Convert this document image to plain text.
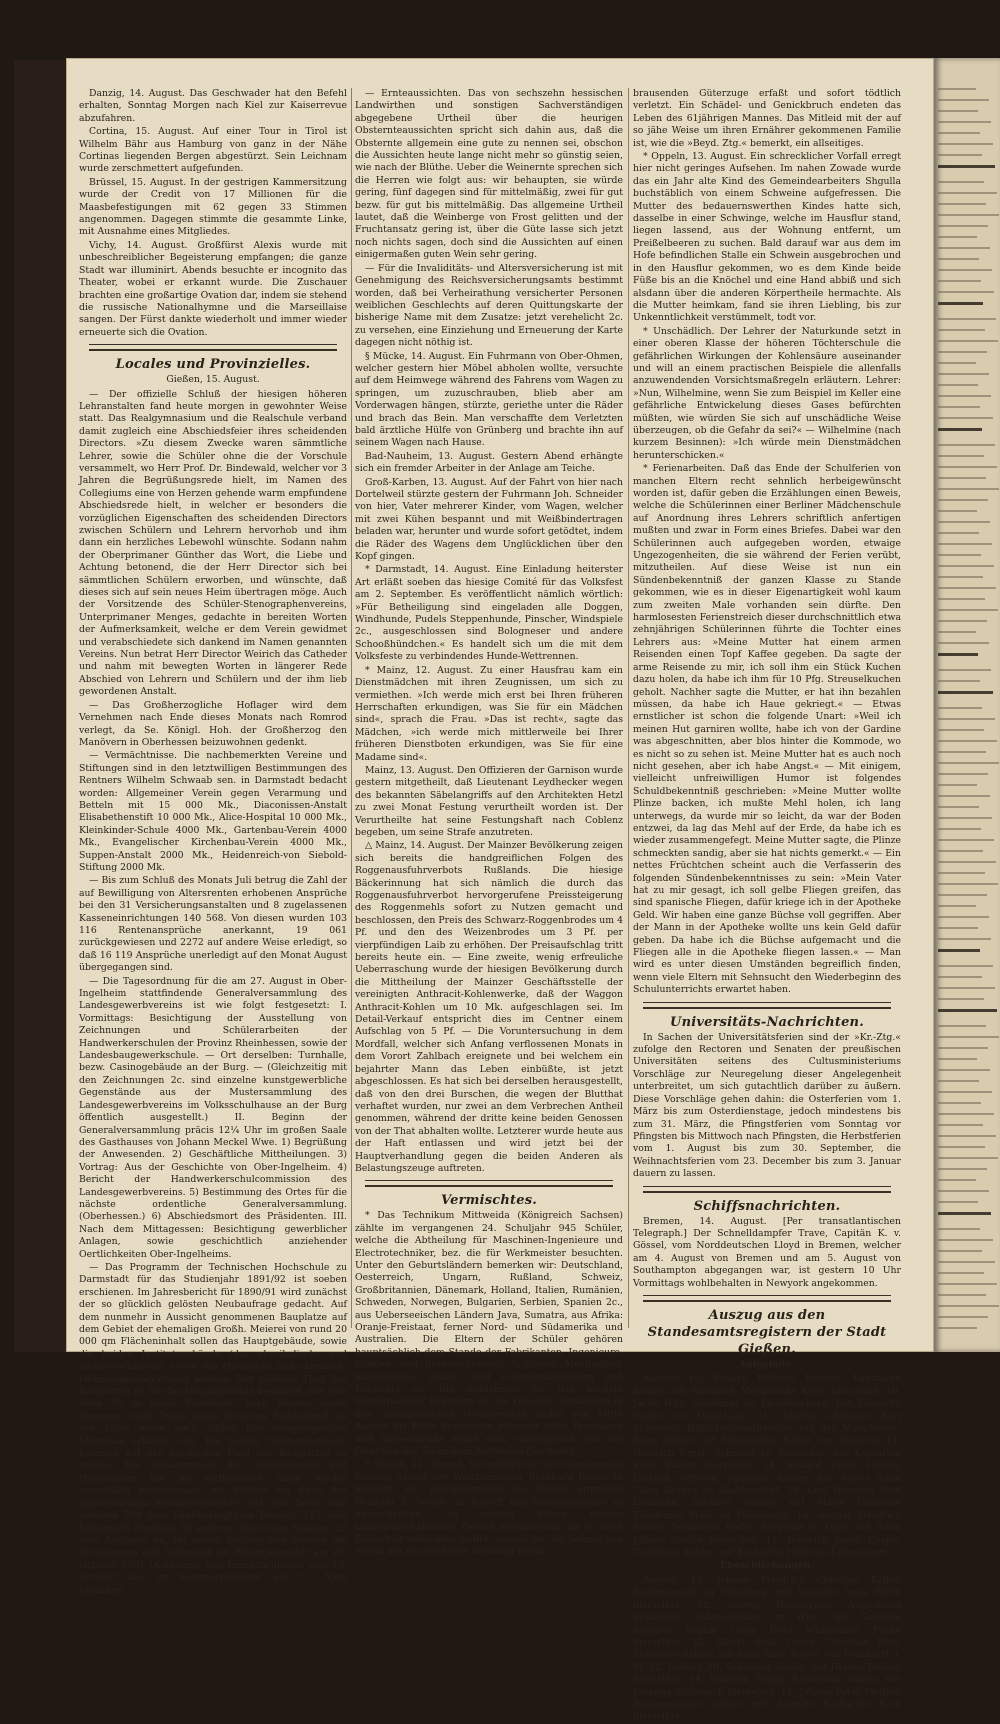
Danzig, 14. August. Das Geschwader hat den Befehl erhalten, Sonntag Morgen nach Kiel zur Kaiserrevue abzufahren.

Cortina, 15. August. Auf einer Tour in Tirol ist Wilhelm Bähr aus Hamburg von ganz in der Nähe Cortinas liegenden Bergen abgestürzt. Sein Leichnam wurde zerschmettert aufgefunden.

Brüssel, 15. August. In der gestrigen Kammersitzung wurde der Credit von 17 Millionen für die Maasbefestigungen mit 62 gegen 33 Stimmen angenommen. Dagegen stimmte die gesammte Linke, mit Ausnahme eines Mitgliedes.

Vichy, 14. August. Großfürst Alexis wurde mit unbeschreiblicher Begeisterung empfangen; die ganze Stadt war illuminirt. Abends besuchte er incognito das Theater, wobei er erkannt wurde. Die Zuschauer brachten eine großartige Ovation dar, indem sie stehend die russische Nationalhymne und die Marseillaise sangen. Der Fürst dankte wiederholt und immer wieder erneuerte sich die Ovation.

Locales und Provinzielles.
Gießen, 15. August.

— Der offizielle Schluß der hiesigen höheren Lehranstalten fand heute morgen in gewohnter Weise statt. Das Realgymnasium und die Realschule verband damit zugleich eine Abschiedsfeier ihres scheidenden Directors. »Zu diesem Zwecke waren sämmtliche Lehrer, sowie die Schüler ohne die der Vorschule versammelt, wo Herr Prof. Dr. Bindewald, welcher vor 3 Jahren die Begrüßungsrede hielt, im Namen des Collegiums eine von Herzen gehende warm empfundene Abschiedsrede hielt, in welcher er besonders die vorzüglichen Eigenschaften des scheidenden Directors zwischen Schülern und Lehrern hervorhob und ihm dann ein herzliches Lebewohl wünschte. Sodann nahm der Oberprimaner Günther das Wort, die Liebe und Achtung betonend, die der Herr Director sich bei sämmtlichen Schülern erworben, und wünschte, daß dieses sich auf sein neues Heim übertragen möge. Auch der Vorsitzende des Schüler-Stenographenvereins, Unterprimaner Menges, gedachte in bereiten Worten der Aufmerksamkeit, welche er dem Verein gewidmet und verabschiedete sich dankend im Namen genannten Vereins. Nun betrat Herr Director Weirich das Catheder und nahm mit bewegten Worten in längerer Rede Abschied von Lehrern und Schülern und der ihm lieb gewordenen Anstalt.

— Das Großherzogliche Hoflager wird dem Vernehmen nach Ende dieses Monats nach Romrod verlegt, da Se. Königl. Hoh. der Großherzog den Manövern in Oberhessen beizuwohnen gedenkt.

— Vermächtnisse. Die nachbemerkten Vereine und Stiftungen sind in den letztwilligen Bestimmungen des Rentners Wilhelm Schwaab sen. in Darmstadt bedacht worden: Allgemeiner Verein gegen Verarmung und Betteln mit 15 000 Mk., Diaconissen-Anstalt Elisabethenstift 10 000 Mk., Alice-Hospital 10 000 Mk., Kleinkinder-Schule 4000 Mk., Gartenbau-Verein 4000 Mk., Evangelischer Kirchenbau-Verein 4000 Mk., Suppen-Anstalt 2000 Mk., Heidenreich-von Siebold-Stiftung 2000 Mk.

— Bis zum Schluß des Monats Juli betrug die Zahl der auf Bewilligung von Altersrenten erhobenen Ansprüche bei den 31 Versicherungsanstalten und 8 zugelassenen Kasseneinrichtungen 140 568. Von diesen wurden 103 116 Rentenansprüche anerkannt, 19 061 zurückgewiesen und 2272 auf andere Weise erledigt, so daß 16 119 Ansprüche unerledigt auf den Monat August übergegangen sind.

— Die Tagesordnung für die am 27. August in Ober-Ingelheim stattfindende Generalversammlung des Landesgewerbvereins ist wie folgt festgesetzt: I. Vormittags: Besichtigung der Ausstellung von Zeichnungen und Schülerarbeiten der Handwerkerschulen der Provinz Rheinhessen, sowie der Landesbaugewerkschule. — Ort derselben: Turnhalle, bezw. Casinogebäude an der Burg. — (Gleichzeitig mit den Zeichnungen 2c. sind einzelne kunstgewerbliche Gegenstände aus der Mustersammlung des Landesgewerbvereins im Volksschulhause an der Burg öffentlich ausgestellt.) II. Beginn der Generalversammlung präcis 12¼ Uhr im großen Saale des Gasthauses von Johann Meckel Wwe. 1) Begrüßung der Anwesenden. 2) Geschäftliche Mittheilungen. 3) Vortrag: Aus der Geschichte von Ober-Ingelheim. 4) Bericht der Handwerkerschulcommission des Landesgewerbvereins. 5) Bestimmung des Ortes für die nächste ordentliche Generalversammlung. (Oberhessen.) 6) Abschiedsmort des Präsidenten. III. Nach dem Mittagessen: Besichtigung gewerblicher Anlagen, sowie geschichtlich anziehender Oertlichkeiten Ober-Ingelheims.

— Das Programm der Technischen Hochschule zu Darmstadt für das Studienjahr 1891/92 ist soeben erschienen. Im Jahresbericht für 1890/91 wird zunächst der so glücklich gelösten Neubaufrage gedacht. Auf dem nunmehr in Aussicht genommenen Bauplatze auf dem Gebiet der ehemaligen Großh. Meierei von rund 20 000 qm Flächeninhalt sollen das Hauptgebäude, sowie die beiden Institutsgebäude (das physikalische und elektrotechnische, sowie das chemische und chemisch-technologische) erbaut werden. Der südliche Theil des Bauplatzes ist für das Hauptgebäude bestimmt, das eine etwa 90 m lange Nordfront, nach Westen einen längeren, nach Osten einen kürzeren Seitenflügel, in der Mitte einen nach Süden fast vorspringenden Mittelbau erhalten soll. Die beiden Institutsgebäude kommen auf den nördlichen Theil des Bauplatzes zu stehen. Die Gesammtzahl der Studierenden und Hospitanten hat im verflossenen Jahre wieder wesentlich zugenommen; sie beträgt am Ende des gegenwärtigen Sommersemesters 392. Von dieser Zahl gehören 204 dem Großherzogthum Hessen, 115 dem Königreich Preußen, 50 anderen deutschen Staaten, 23 dem Auslande an. Im neuen Studienjahre werden die Vorlesungen und Uebungen im Wintersemester am 20. October 1891 (Aufnahme und Immatriculation vom 19. October ab), im Sommersemester am 21. April beginnen.

— Ernteaussichten. Das von sechszehn hessischen Landwirthen und sonstigen Sachverständigen abgegebene Urtheil über die heurigen Obsternteaussichten spricht sich dahin aus, daß die Obsternte allgemein eine gute zu nennen sei, obschon die Aussichten heute lange nicht mehr so günstig seien, wie nach der Blüthe. Ueber die Weinernte sprechen sich die Herren wie folgt aus: wir behaupten, sie würde gering, fünf dagegen sind für mittelmäßig, zwei für gut bezw. für gut bis mittelmäßig. Das allgemeine Urtheil lautet, daß die Weinberge von Frost gelitten und der Fruchtansatz gering ist, über die Güte lasse sich jetzt noch nichts sagen, doch sind die Aussichten auf einen einigermaßen guten Wein sehr gering.

— Für die Invaliditäts- und Altersversicherung ist mit Genehmigung des Reichsversicherungsamts bestimmt worden, daß bei Verheirathung versicherter Personen weiblichen Geschlechts auf deren Quittungskarte der bisherige Name mit dem Zusatze: jetzt verehelicht 2c. zu versehen, eine Einziehung und Erneuerung der Karte dagegen nicht nöthig ist.

§ Mücke, 14. August. Ein Fuhrmann von Ober-Ohmen, welcher gestern hier Möbel abholen wollte, versuchte auf dem Heimwege während des Fahrens vom Wagen zu springen, um zuzuschrauben, blieb aber am Vorderwagen hängen, stürzte, geriethe unter die Räder und brach das Bein. Man verschaffte dem Verletzten bald ärztliche Hülfe von Grünberg und brachte ihn auf seinem Wagen nach Hause.

Bad-Nauheim, 13. August. Gestern Abend erhängte sich ein fremder Arbeiter in der Anlage am Teiche.

Groß-Karben, 13. August. Auf der Fahrt von hier nach Dortelweil stürzte gestern der Fuhrmann Joh. Schneider von hier, Vater mehrerer Kinder, vom Wagen, welcher mit zwei Kühen bespannt und mit Weißbindertragen beladen war, herunter und wurde sofort getödtet, indem die Räder des Wagens dem Unglücklichen über den Kopf gingen.

* Darmstadt, 14. August. Eine Einladung heiterster Art erläßt soeben das hiesige Comité für das Volksfest am 2. September. Es veröffentlicht nämlich wörtlich: »Für Betheiligung sind eingeladen alle Doggen, Windhunde, Pudels Steppenhunde, Pinscher, Windspiele 2c., ausgeschlossen sind Bologneser und andere Schooßhündchen.« Es handelt sich um die mit dem Volksfeste zu verbindendes Hunde-Wettrennen.

* Mainz, 12. August. Zu einer Hausfrau kam ein Dienstmädchen mit ihren Zeugnissen, um sich zu vermiethen. »Ich werde mich erst bei Ihren früheren Herrschaften erkundigen, was Sie für ein Mädchen sind«, sprach die Frau. »Das ist recht«, sagte das Mädchen, »ich werde mich mittlerweile bei Ihrer früheren Dienstboten erkundigen, was Sie für eine Madame sind«.

Mainz, 13. August. Den Offizieren der Garnison wurde gestern mitgetheilt, daß Lieutenant Leydhecker wegen des bekannten Säbelangriffs auf den Architekten Hetzl zu zwei Monat Festung verurtheilt worden ist. Der Verurtheilte hat seine Festungshaft nach Coblenz begeben, um seine Strafe anzutreten.

△ Mainz, 14. August. Der Mainzer Bevölkerung zeigen sich bereits die handgreiflichen Folgen des Roggenausfuhrverbots Rußlands. Die hiesige Bäckerinnung hat sich nämlich die durch das Roggenausfuhrverbot hervorgerufene Preissteigerung des Roggenmehls sofort zu Nutzen gemacht und beschlossen, den Preis des Schwarz-Roggenbrodes um 4 Pf. und den des Weizenbrodes um 3 Pf. per vierpfündigen Laib zu erhöhen. Der Preisaufschlag tritt bereits heute ein. — Eine zweite, wenig erfreuliche Ueberraschung wurde der hiesigen Bevölkerung durch die Mittheilung der Mainzer Geschäftsstelle der vereinigten Anthracit-Kohlenwerke, daß der Waggon Anthracit-Kohlen um 10 Mk. aufgeschlagen sei. Im Detail-Verkauf entspricht dies im Centner einem Aufschlag von 5 Pf. — Die Voruntersuchung in dem Mordfall, welcher sich Anfang verflossenen Monats in dem Vorort Zahlbach ereignete und bei welchem ein bejahrter Mann das Leben einbüßte, ist jetzt abgeschlossen. Es hat sich bei derselben herausgestellt, daß von den drei Burschen, die wegen der Blutthat verhaftet wurden, nur zwei an dem Verbrechen Antheil genommen, während der dritte keine beiden Genossen von der That abhalten wollte. Letzterer wurde heute aus der Haft entlassen und wird jetzt bei der Hauptverhandlung gegen die beiden Anderen als Belastungszeuge auftreten.

Vermischtes.

* Das Technikum Mittweida (Königreich Sachsen) zählte im vergangenen 24. Schuljahr 945 Schüler, welche die Abtheilung für Maschinen-Ingenieure und Electrotechniker, bez. die für Werkmeister besuchten. Unter den Geburtsländern bemerken wir: Deutschland, Oesterreich, Ungarn, Rußland, Schweiz, Großbritannien, Dänemark, Holland, Italien, Rumänien, Schweden, Norwegen, Bulgarien, Serbien, Spanien 2c., aus Ueberseeischen Ländern Java, Sumatra, aus Afrika: Oranje-Freistaat, ferner Nord- und Südamerika und Australien. Die Eltern der Schüler gehören hauptsächlich dem Stande der Fabrikanten, Ingenieure, Mühlen- und Brauereibesitzer, Schlosser, Mechaniker, Baugewerke, Staats- und Communalbeamten und Kaufleute an. Die Aufnahmen für das nächste Winterhalbjahr beginnen am 19. October. Aufnahmen in den unentgeltlichen Vorunterricht finden von Mitte August bis Ende September jederzeit statt. Programm und Jahresbericht erhält man unentgeltlich von der Direction des Technikum Mittweida (Sachsen).

* Siegen, 12. August. Verunglückt ist am vergangenen Montag Abend der Weichensteller Bernhard Bläser in Beydorf, ein pflichtgetreuer, im Dienst ergrauter Beamter. Er wurde, im Begriff, das Schienengeleise zu überschreiten, im seinem Sohne einiges landwirthschaftliches Geräth abzunehmen, da er noch Feldarbeit verrichten wollte, angesichts des Sohnes von einem aus der Gießener Richtung heran-

brausenden Güterzuge erfaßt und sofort tödtlich verletzt. Ein Schädel- und Genickbruch endeten das Leben des 61jährigen Mannes. Das Mitleid mit der auf so jähe Weise um ihren Ernährer gekommenen Familie ist, wie die »Beyd. Ztg.« bemerkt, ein allseitiges.

* Oppeln, 13. August. Ein schrecklicher Vorfall erregt hier nicht geringes Aufsehen. Im nahen Zowade wurde das ein Jahr alte Kind des Gemeindearbeiters Shgulla buchstäblich von einem Schweine aufgefressen. Die Mutter des bedauernswerthen Kindes hatte sich, dasselbe in einer Schwinge, welche im Hausflur stand, liegen lassend, aus der Wohnung entfernt, um Preißelbeeren zu suchen. Bald darauf war aus dem im Hofe befindlichen Stalle ein Schwein ausgebrochen und in den Hausflur gekommen, wo es dem Kinde beide Füße bis an die Knöchel und eine Hand abbiß und sich alsdann über die anderen Körpertheile hermachte. Als die Mutter heimkam, fand sie ihren Liebling, bis zur Unkenntlichkeit verstümmelt, todt vor.

* Unschädlich. Der Lehrer der Naturkunde setzt in einer oberen Klasse der höheren Töchterschule die gefährlichen Wirkungen der Kohlensäure auseinander und will an einem practischen Beispiele die allenfalls anzuwendenden Vorsichtsmaßregeln erläutern. Lehrer: »Nun, Wilhelmine, wenn Sie zum Beispiel im Keller eine gefährliche Entwickelung dieses Gases befürchten müßten, wie würden Sie sich auf unschädliche Weise überzeugen, ob die Gefahr da sei?« — Wilhelmine (nach kurzem Besinnen): »Ich würde mein Dienstmädchen herunterschicken.«

* Ferienarbeiten. Daß das Ende der Schulferien von manchen Eltern recht sehnlich herbeigewünscht worden ist, dafür geben die Erzählungen einen Beweis, welche die Schülerinnen einer Berliner Mädchenschule auf Anordnung ihres Lehrers schriftlich anfertigen mußten und zwar in Form eines Briefes. Dabei war den Schülerinnen auch aufgegeben worden, etwaige Ungezogenheiten, die sie während der Ferien verübt, mitzutheilen. Auf diese Weise ist nun ein Sündenbekenntniß der ganzen Klasse zu Stande gekommen, wie es in dieser Eigenartigkeit wohl kaum zum zweiten Male vorhanden sein dürfte. Den harmlosesten Ferienstreich dieser durchschnittlich etwa zehnjährigen Schülerinnen führte die Tochter eines Lehrers aus: »Meine Mutter hat einem armen Reisenden einen Topf Kaffee gegeben. Da sagte der arme Reisende zu mir, ich soll ihm ein Stück Kuchen dazu holen, da habe ich ihm für 10 Pfg. Streuselkuchen geholt. Nachher sagte die Mutter, er hat ihn bezahlen müssen, da habe ich Haue gekriegt.« — Etwas ernstlicher ist schon die folgende Unart: »Weil ich meinen Hut garniren wollte, habe ich von der Gardine was abgeschnitten, aber blos hinter die Kommode, wo es nicht so zu sehen ist. Meine Mutter hat es auch noch nicht gesehen, aber ich habe Angst.« — Mit einigem, vielleicht unfreiwilligen Humor ist folgendes Schuldbekenntniß geschrieben: »Meine Mutter wollte Plinze backen, ich mußte Mehl holen, ich lang unterwegs, da wurde mir so leicht, da war der Boden entzwei, da lag das Mehl auf der Erde, da habe ich es wieder zusammengefegt. Meine Mutter sagte, die Plinze schmeckten sandig, aber sie hat nichts gemerkt.« — Ein nettes Früchtchen scheint auch die Verfasserin des folgenden Sündenbekenntnisses zu sein: »Mein Vater hat zu mir gesagt, ich soll gelbe Fliegen greifen, das sind spanische Fliegen, dafür kriege ich in der Apotheke Geld. Wir haben eine ganze Büchse voll gegriffen. Aber der Mann in der Apotheke wollte uns kein Geld dafür geben. Da habe ich die Büchse aufgemacht und die Fliegen alle in die Apotheke fliegen lassen.« — Man wird es unter diesen Umständen begreiflich finden, wenn viele Eltern mit Sehnsucht den Wiederbeginn des Schulunterrichts erwartet haben.

Universitäts-Nachrichten.

In Sachen der Universitätsferien sind der »Kr.-Ztg.« zufolge den Rectoren und Senaten der preußischen Universitäten seitens des Cultusministeriums Vorschläge zur Neuregelung dieser Angelegenheit unterbreitet, um sich gutachtlich darüber zu äußern. Diese Vorschläge gehen dahin: die Osterferien vom 1. März bis zum Osterdienstage, jedoch mindestens bis zum 31. März, die Pfingstferien vom Sonntag vor Pfingsten bis Mittwoch nach Pfingsten, die Herbstferien vom 1. August bis zum 30. September, die Weihnachtsferien vom 23. December bis zum 3. Januar dauern zu lassen.

Schiffsnachrichten.

Bremen, 14. August. [Per transatlantischen Telegraph.] Der Schnelldampfer Trave, Capitän K. v. Gössel, vom Norddeutschen Lloyd in Bremen, welcher am 4. August von Bremen und am 5. August von Southampton abgegangen war, ist gestern 10 Uhr Vormittags wohlbehalten in Newyork angekommen.

Auszug aus den Standesamtsregistern der Stadt Gießen.
Aufgebote.

August: 10. Eduard Wilhelm Krumm, Kaufmann dahier, mit Elisabeth Margarethe Klein hierselbst. 10. Jacob Hirz, Schreiner zu Eichelsachsen, mit Elisabeth Walter zu Ober-Lais. 11. Martin Christian Karl Schlosser, Hülfs-Locomotivheizer bei der Main-Weser-Bahn dahier, mit Margarethe Keller von Wieseck. 14. Heinrich Ernst, Schmied zu Rosenthal, mit Katharine Elise Balzer hierselbst. 14. Eduard Julius Ludwig Dickoré, Wittwer, Spengler dahier, mit Agnes Anna Clara Krüger zu Gaddenstedt. 14. Carl Heinrich Emil Lehmann, Lackirer dahier, mit Marie Christine Friederike Stahl zu Dillenburg. 14. August Friedrich Johann Ferdinand Röder, Sergeant zu Olpe, mit Anna Juliane Weller hierselbst. 14. Heinrich Jacob Knapp, Taglöhner dahier, mit Katharine Häfer zu Leihgestern.

Eheschließungen.

August: 12. Johann Friedrich Christian Keller, Rechtsanwalt zu Friedberg, mit Karoline Anna Wirth hierselbst. 12. George Hieronymus Augustinus Schneider, Zahntechniker zu Wien, mit Caroline Auguste Sophie Luise Dora Wilhelmine Fruhe hierselbst. 12. Albert Emil Georg Christian Eise, Schreiner dahier, mit Anna Elise Reiser von Frankfurt a. M. 12. Ludwig Aff, Schlosser dahier, mit Helene Becker hierselbst. 14. Wilhelm Trapp, Kaufmann dahier, mit Johanna Schlabach hierselbst. 14. Johann Peter Pfeiffer, Bäckermeister dahier, mit Auguste Katharine Roth hierselbst.
